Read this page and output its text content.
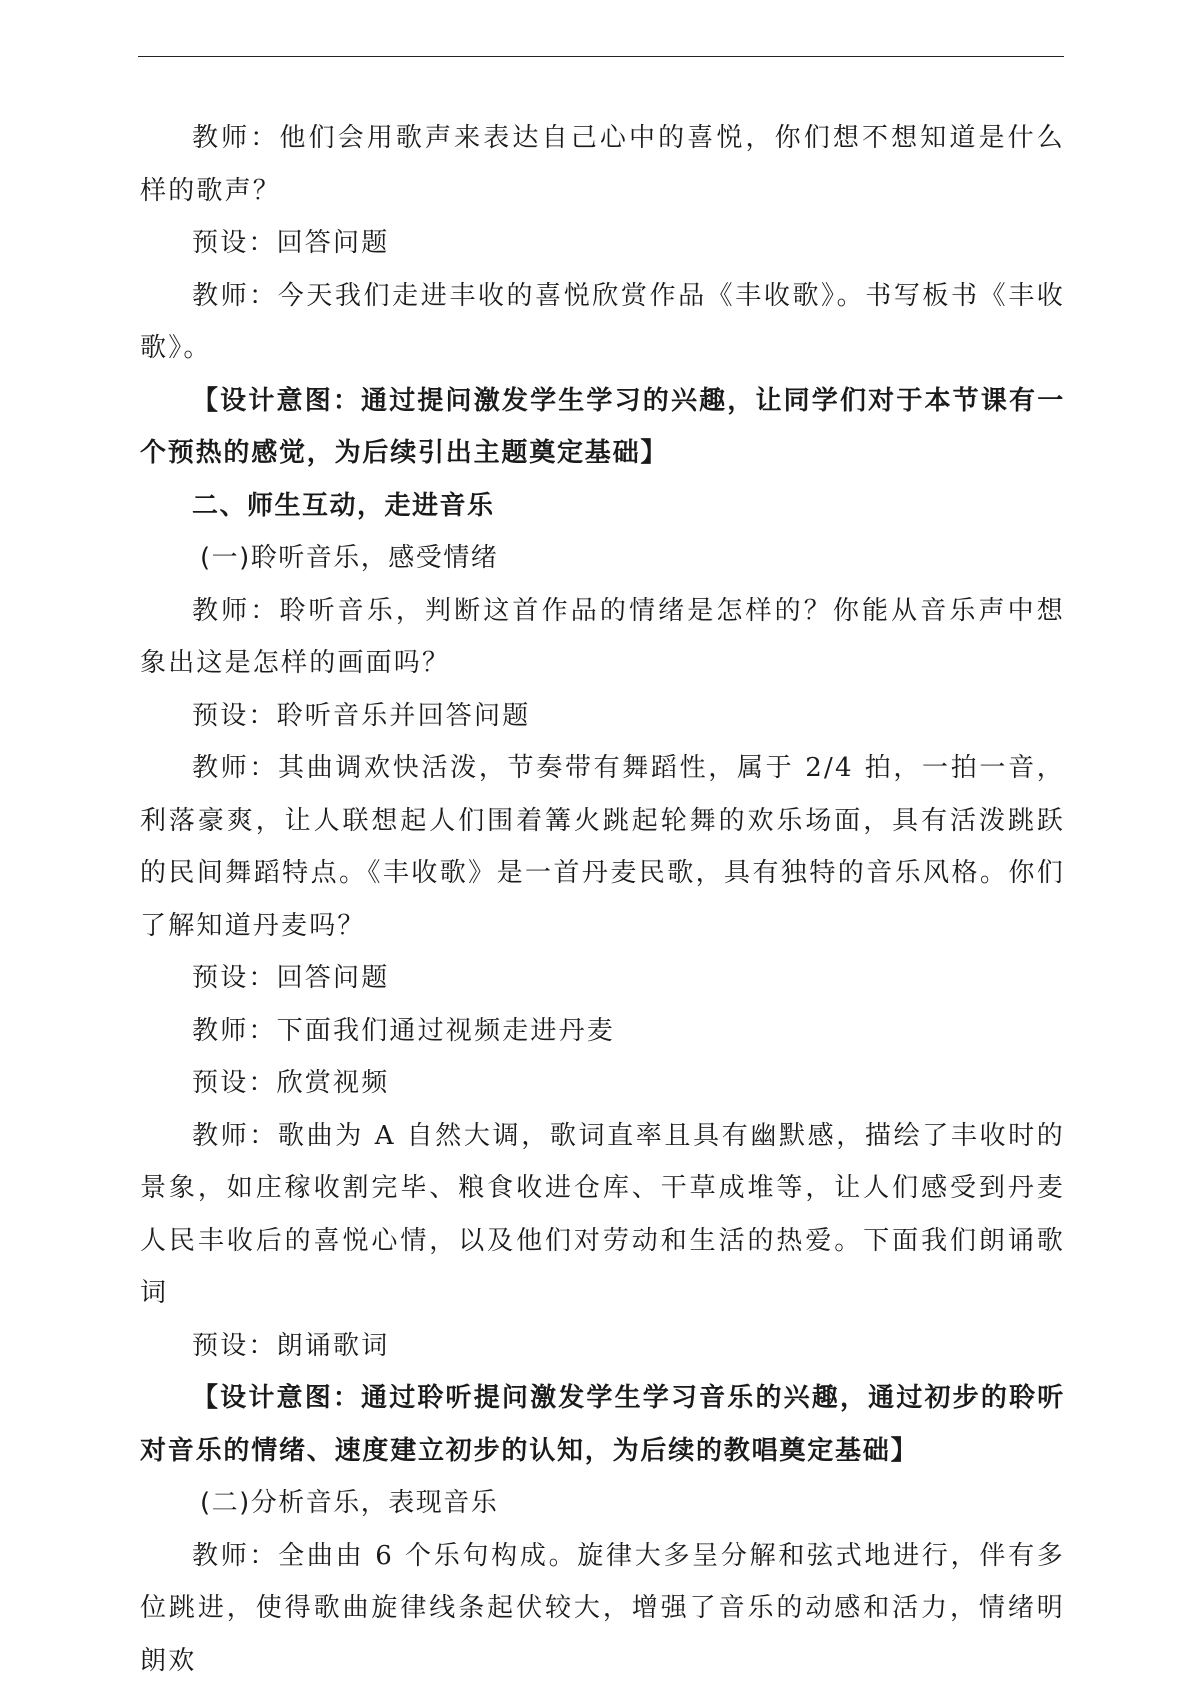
教师：他们会用歌声来表达自己心中的喜悦，你们想不想知道是什么样的歌声？

预设：回答问题

教师：今天我们走进丰收的喜悦欣赏作品《丰收歌》。书写板书《丰收歌》。

【设计意图：通过提问激发学生学习的兴趣，让同学们对于本节课有一个预热的感觉，为后续引出主题奠定基础】

二、师生互动，走进音乐

(一)聆听音乐，感受情绪

教师：聆听音乐，判断这首作品的情绪是怎样的？你能从音乐声中想象出这是怎样的画面吗？

预设：聆听音乐并回答问题

教师：其曲调欢快活泼，节奏带有舞蹈性，属于 2/4 拍，一拍一音，利落豪爽，让人联想起人们围着篝火跳起轮舞的欢乐场面，具有活泼跳跃的民间舞蹈特点。《丰收歌》是一首丹麦民歌，具有独特的音乐风格。你们了解知道丹麦吗？

预设：回答问题

教师：下面我们通过视频走进丹麦

预设：欣赏视频

教师：歌曲为 A 自然大调，歌词直率且具有幽默感，描绘了丰收时的景象，如庄稼收割完毕、粮食收进仓库、干草成堆等，让人们感受到丹麦人民丰收后的喜悦心情，以及他们对劳动和生活的热爱。下面我们朗诵歌词

预设：朗诵歌词

【设计意图：通过聆听提问激发学生学习音乐的兴趣，通过初步的聆听对音乐的情绪、速度建立初步的认知，为后续的教唱奠定基础】

(二)分析音乐，表现音乐

教师：全曲由 6 个乐句构成。旋律大多呈分解和弦式地进行，伴有多位跳进，使得歌曲旋律线条起伏较大，增强了音乐的动感和活力，情绪明朗欢
